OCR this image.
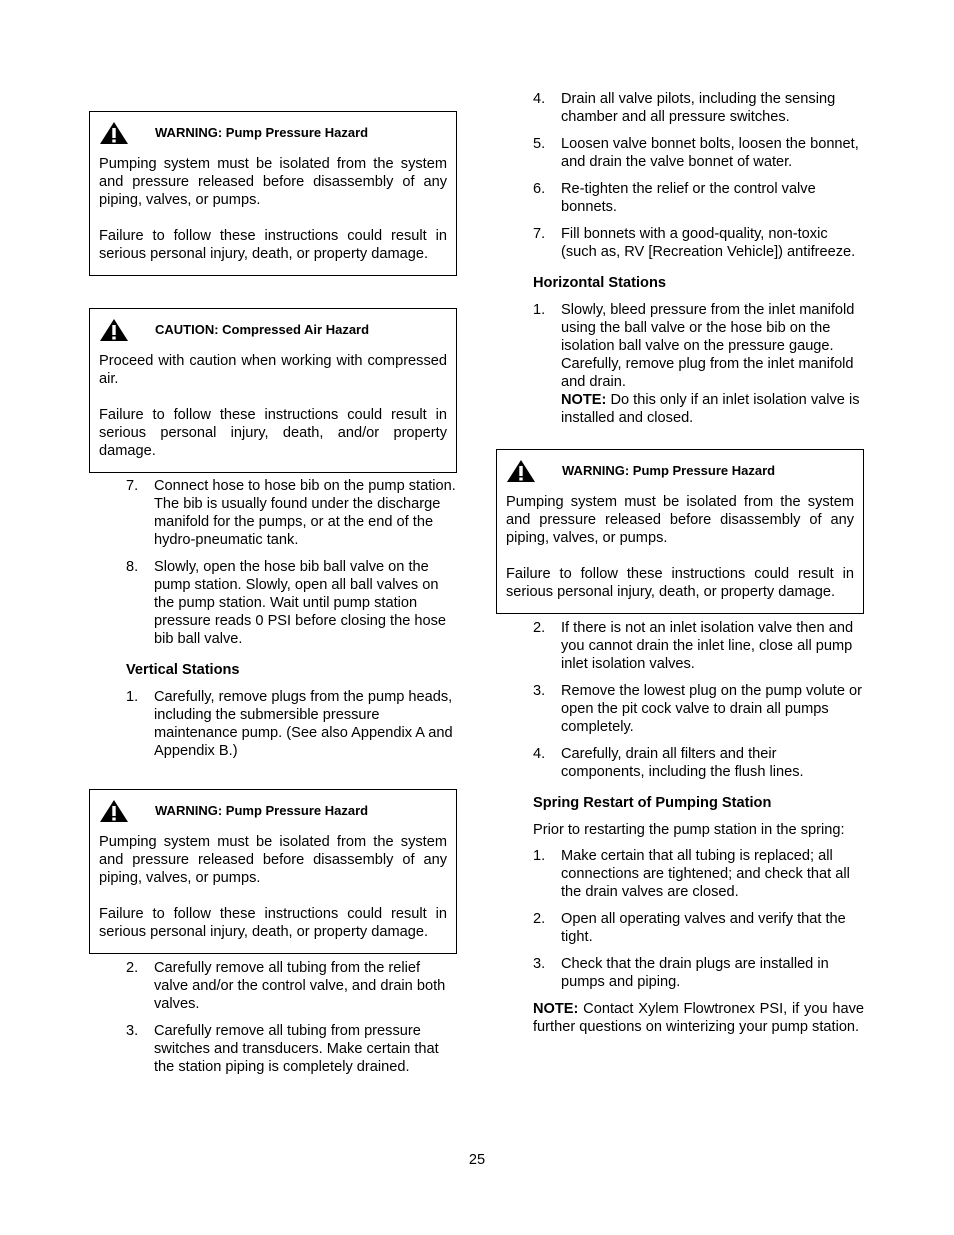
WARNING: Pump Pressure Hazard

Pumping system must be isolated from the system and pressure released before disassembly of any piping, valves, or pumps.

Failure to follow these instructions could result in serious personal injury, death, or property damage.

CAUTION: Compressed Air Hazard

Proceed with caution when working with compressed air.

Failure to follow these instructions could result in serious personal injury, death, and/or property damage.

7. Connect hose to hose bib on the pump station. The bib is usually found under the discharge manifold for the pumps, or at the end of the hydro-pneumatic tank.
8. Slowly, open the hose bib ball valve on the pump station. Slowly, open all ball valves on the pump station. Wait until pump station pressure reads 0 PSI before closing the hose bib ball valve.
Vertical Stations
1. Carefully, remove plugs from the pump heads, including the submersible pressure maintenance pump. (See also Appendix A and Appendix B.)
WARNING: Pump Pressure Hazard

Pumping system must be isolated from the system and pressure released before disassembly of any piping, valves, or pumps.

Failure to follow these instructions could result in serious personal injury, death, or property damage.

2. Carefully remove all tubing from the relief valve and/or the control valve, and drain both valves.
3. Carefully remove all tubing from pressure switches and transducers. Make certain that the station piping is completely drained.
4. Drain all valve pilots, including the sensing chamber and all pressure switches.
5. Loosen valve bonnet bolts, loosen the bonnet, and drain the valve bonnet of water.
6. Re-tighten the relief or the control valve bonnets.
7. Fill bonnets with a good-quality, non-toxic (such as, RV [Recreation Vehicle]) antifreeze.
Horizontal Stations
1. Slowly, bleed pressure from the inlet manifold using the ball valve or the hose bib on the isolation ball valve on the pressure gauge. Carefully, remove plug from the inlet manifold and drain.
NOTE: Do this only if an inlet isolation valve is installed and closed.
WARNING: Pump Pressure Hazard

Pumping system must be isolated from the system and pressure released before disassembly of any piping, valves, or pumps.

Failure to follow these instructions could result in serious personal injury, death, or property damage.

2. If there is not an inlet isolation valve then and you cannot drain the inlet line, close all pump inlet isolation valves.
3. Remove the lowest plug on the pump volute or open the pit cock valve to drain all pumps completely.
4. Carefully, drain all filters and their components, including the flush lines.
Spring Restart of Pumping Station

Prior to restarting the pump station in the spring:

1. Make certain that all tubing is replaced; all connections are tightened; and check that all the drain valves are closed.
2. Open all operating valves and verify that the tight.
3. Check that the drain plugs are installed in pumps and piping.

NOTE: Contact Xylem Flowtronex PSI, if you have further questions on winterizing your pump station.

25
